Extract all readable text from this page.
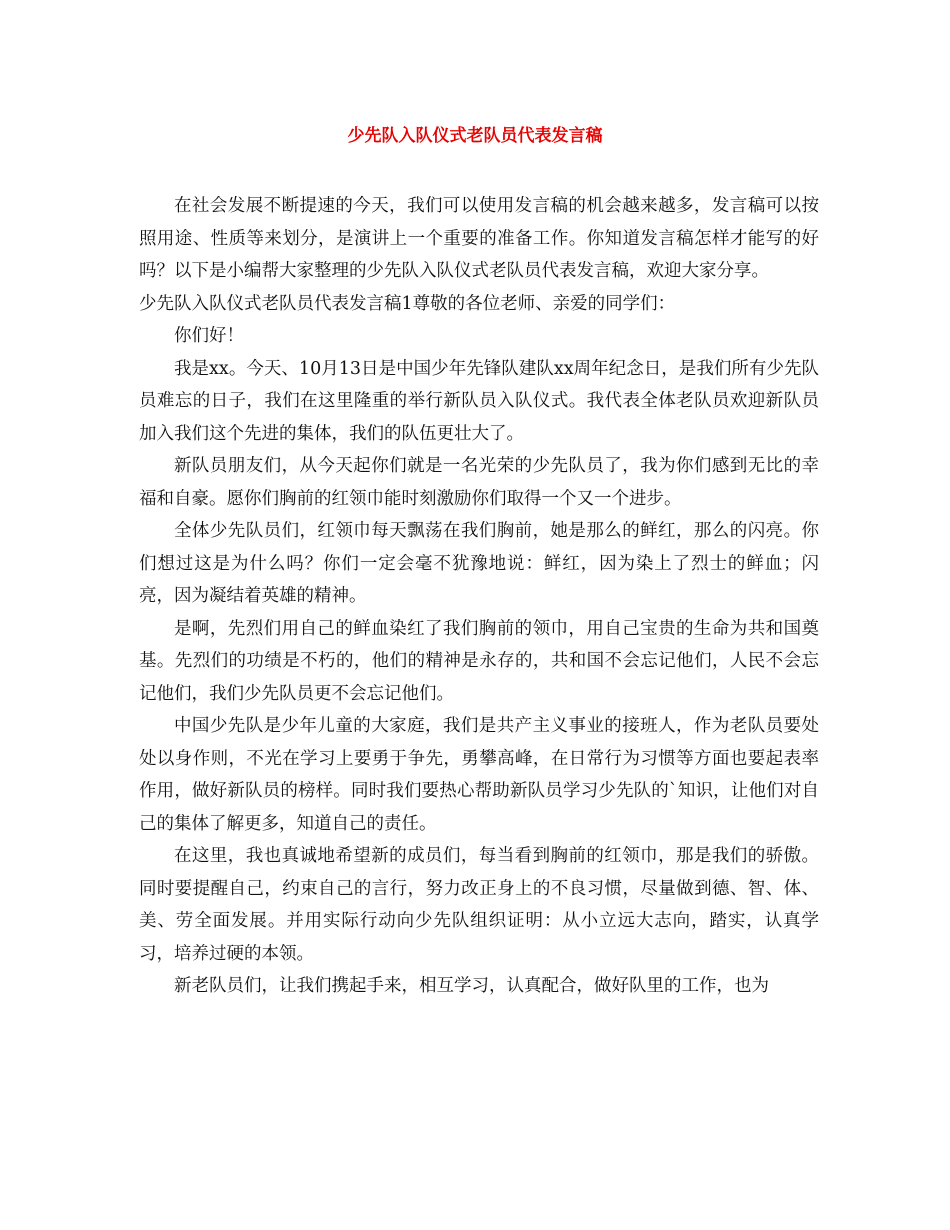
少先队入队仪式老队员代表发言稿

在社会发展不断提速的今天，我们可以使用发言稿的机会越来越多，发言稿可以按照用途、性质等来划分，是演讲上一个重要的准备工作。你知道发言稿怎样才能写的好吗？以下是小编帮大家整理的少先队入队仪式老队员代表发言稿，欢迎大家分享。

少先队入队仪式老队员代表发言稿1尊敬的各位老师、亲爱的同学们：

你们好！

我是xx。今天、10月13日是中国少年先锋队建队xx周年纪念日，是我们所有少先队员难忘的日子，我们在这里隆重的举行新队员入队仪式。我代表全体老队员欢迎新队员加入我们这个先进的集体，我们的队伍更壮大了。

新队员朋友们，从今天起你们就是一名光荣的少先队员了，我为你们感到无比的幸福和自豪。愿你们胸前的红领巾能时刻激励你们取得一个又一个进步。

全体少先队员们，红领巾每天飘荡在我们胸前，她是那么的鲜红，那么的闪亮。你们想过这是为什么吗？你们一定会毫不犹豫地说：鲜红，因为染上了烈士的鲜血；闪亮，因为凝结着英雄的精神。

是啊，先烈们用自己的鲜血染红了我们胸前的领巾，用自己宝贵的生命为共和国奠基。先烈们的功绩是不朽的，他们的精神是永存的，共和国不会忘记他们，人民不会忘记他们，我们少先队员更不会忘记他们。

中国少先队是少年儿童的大家庭，我们是共产主义事业的接班人，作为老队员要处处以身作则，不光在学习上要勇于争先，勇攀高峰，在日常行为习惯等方面也要起表率作用，做好新队员的榜样。同时我们要热心帮助新队员学习少先队的`知识，让他们对自己的集体了解更多，知道自己的责任。

在这里，我也真诚地希望新的成员们，每当看到胸前的红领巾，那是我们的骄傲。同时要提醒自己，约束自己的言行，努力改正身上的不良习惯，尽量做到德、智、体、美、劳全面发展。并用实际行动向少先队组织证明：从小立远大志向，踏实，认真学习，培养过硬的本领。

新老队员们，让我们携起手来，相互学习，认真配合，做好队里的工作，也为
